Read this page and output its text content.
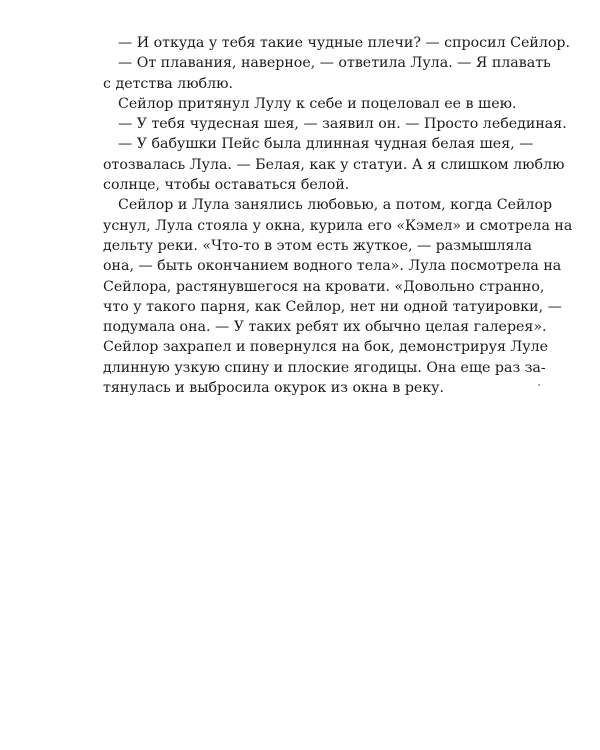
— И откуда у тебя такие чудные плечи? — спросил Сейлор.

— От плавания, наверное, — ответила Лула. — Я плавать
с детства люблю.

Сейлор притянул Лулу к себе и поцеловал ее в шею.

— У тебя чудесная шея, — заявил он. — Просто лебединая.

— У бабушки Пейс была длинная чудная белая шея, —
отозвалась Лула. — Белая, как у статуи. А я слишком люблю
солнце, чтобы оставаться белой.

Сейлор и Лула занялись любовью, а потом, когда Сейлор
уснул, Лула стояла у окна, курила его «Кэмел» и смотрела на
дельту реки. «Что-то в этом есть жуткое, — размышляла
она, — быть окончанием водного тела». Лула посмотрела на
Сейлора, растянувшегося на кровати. «Довольно странно,
что у такого парня, как Сейлор, нет ни одной татуировки, —
подумала она. — У таких ребят их обычно целая галерея».
Сейлор захрапел и повернулся на бок, демонстрируя Луле
длинную узкую спину и плоские ягодицы. Она еще раз за-
тянулась и выбросила окурок из окна в реку.
